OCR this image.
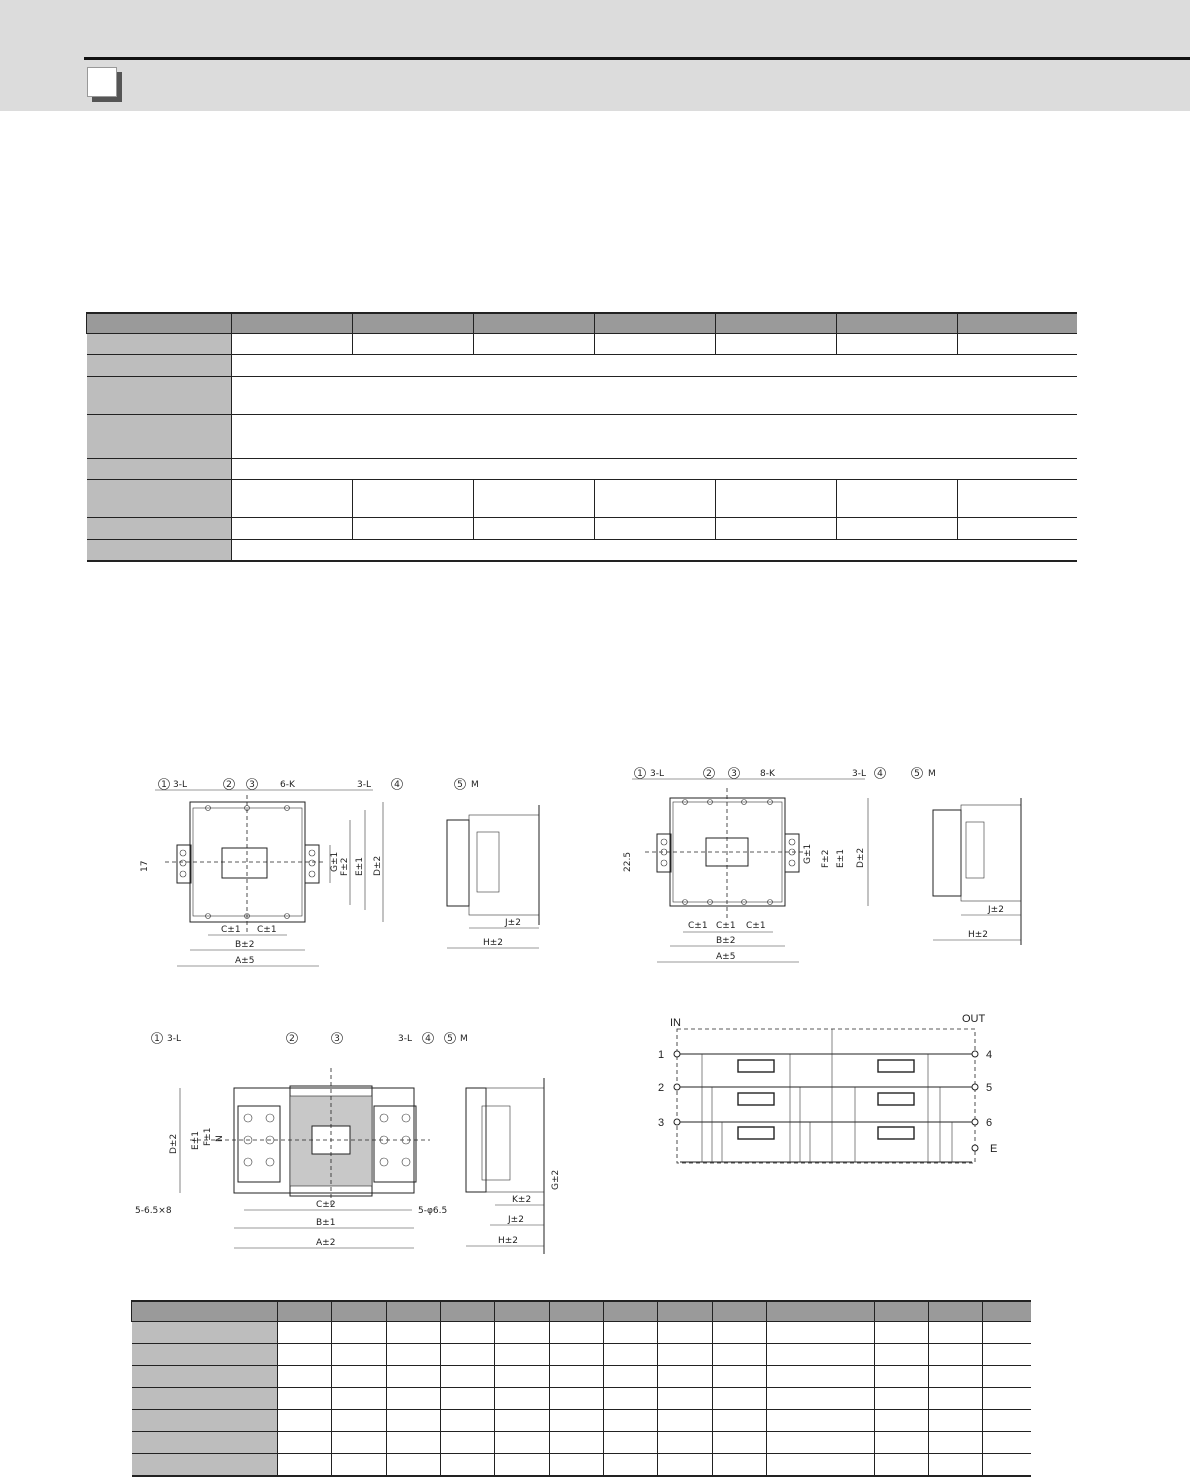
1 3-L	2 3	6-K	3-L	4	5 M
17
C±1 C±1
B±2
A±5
G±1 F±2 E±1 D±2
J±2
H±2
1 3-L	2 3	8-K	3-L 4	5 M
22.5
C±1 C±1 C±1
B±2
A±5
G±1 F±2 E±1 D±2
J±2
H±2
1 3-L	2	3	3-L 4 5 M
D±2 E±1 F±1 N
C±2
B±1
A±2
5-6.5×8	5-φ6.5
G±2
K±2
J±2
H±2
IN	OUT
1
2
3
4
5
6
E
